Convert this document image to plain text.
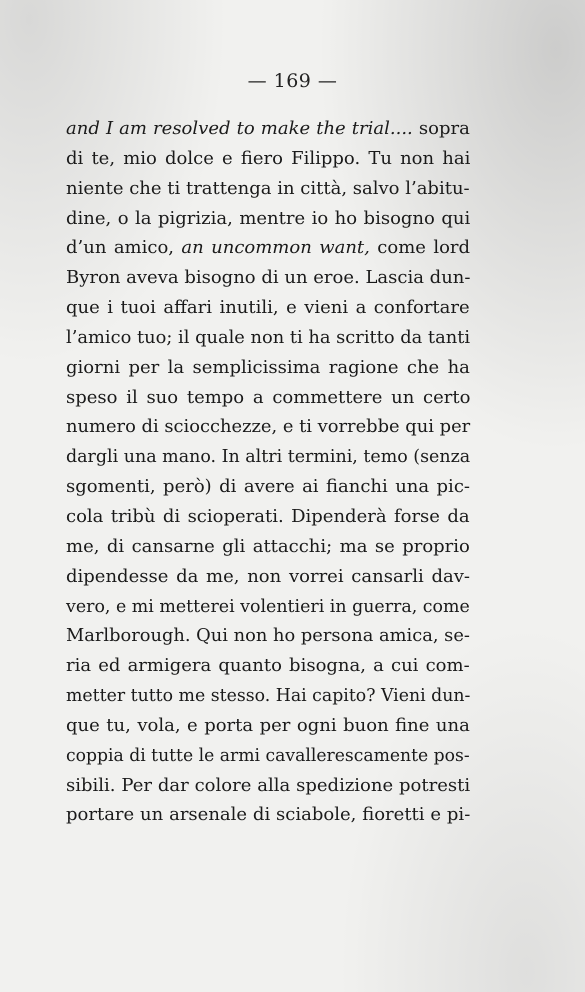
— 169 —
and I am resolved to make the trial.... sopra
di te, mio dolce e fiero Filippo. Tu non hai
niente che ti trattenga in città, salvo l’abitu-
dine, o la pigrizia, mentre io ho bisogno qui
d’un amico, an uncommon want, come lord
Byron aveva bisogno di un eroe. Lascia dun-
que i tuoi affari inutili, e vieni a confortare
l’amico tuo; il quale non ti ha scritto da tanti
giorni per la semplicissima ragione che ha
speso il suo tempo a commettere un certo
numero di sciocchezze, e ti vorrebbe qui per
dargli una mano. In altri termini, temo (senza
sgomenti, però) di avere ai fianchi una pic-
cola tribù di scioperati. Dipenderà forse da
me, di cansarne gli attacchi; ma se proprio
dipendesse da me, non vorrei cansarli dav-
vero, e mi metterei volentieri in guerra, come
Marlborough. Qui non ho persona amica, se-
ria ed armigera quanto bisogna, a cui com-
metter tutto me stesso. Hai capito? Vieni dun-
que tu, vola, e porta per ogni buon fine una
coppia di tutte le armi cavallerescamente pos-
sibili. Per dar colore alla spedizione potresti
portare un arsenale di sciabole, fioretti e pi-
